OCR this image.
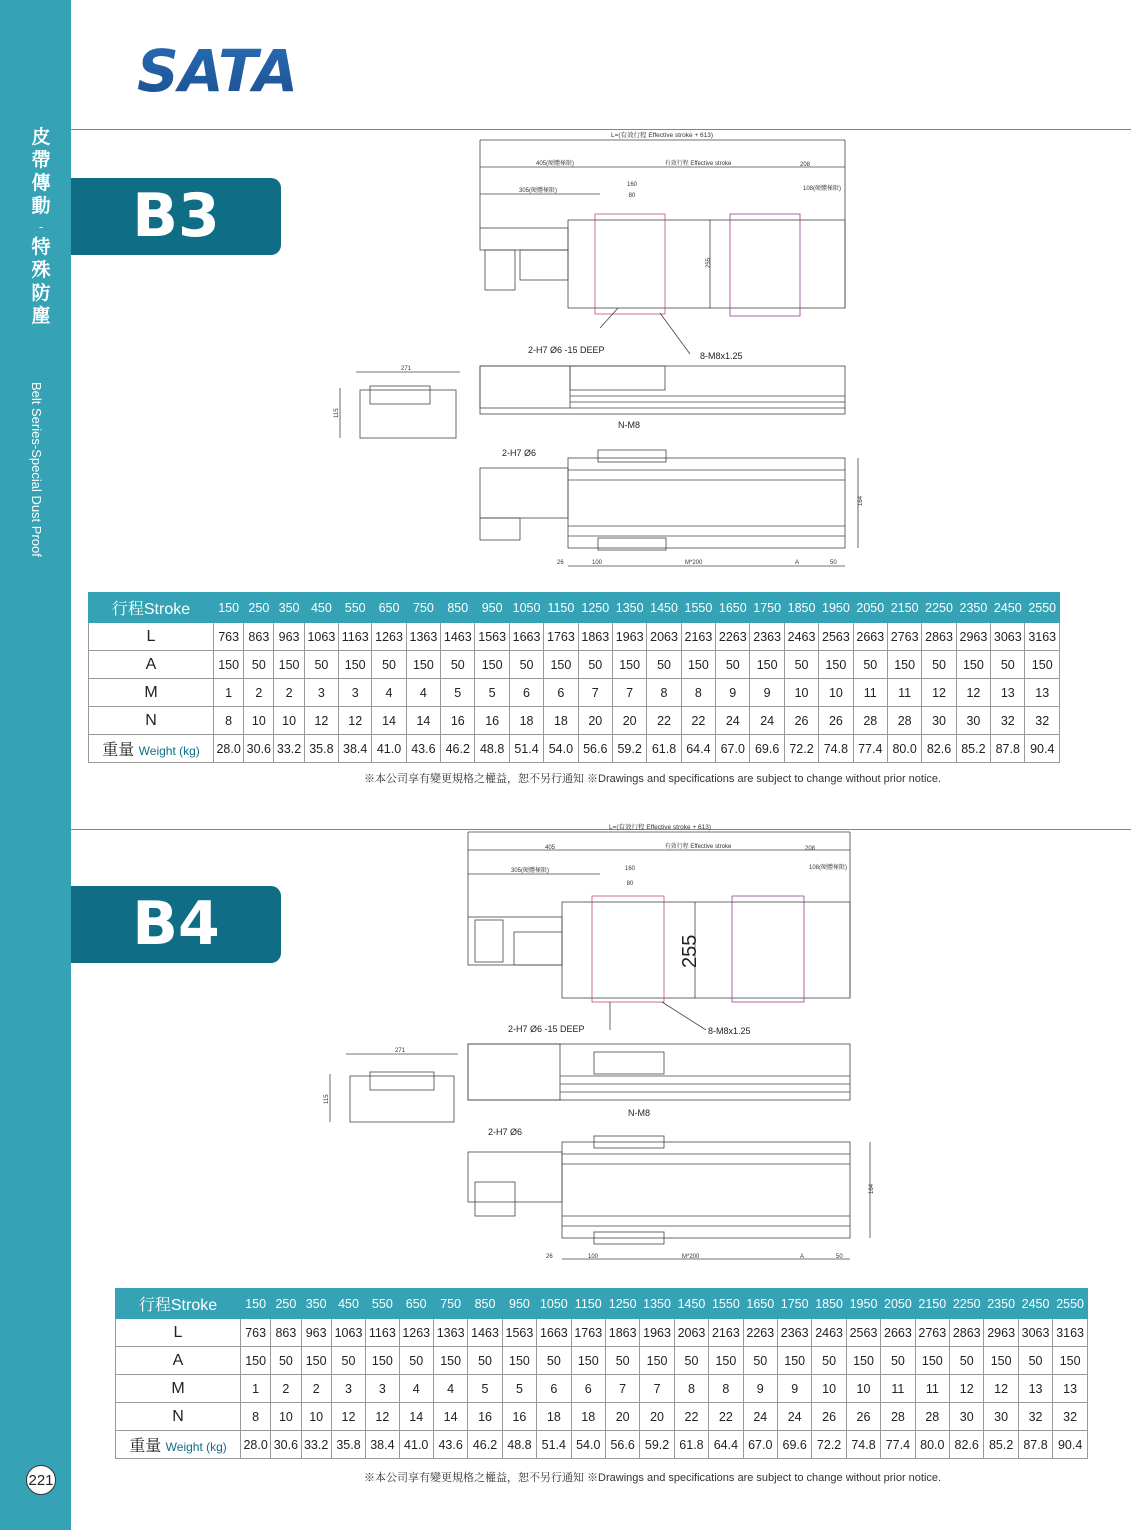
皮
帶
傳
動
-
特
殊
防
塵
Belt Series-Special Dust Proof
221
SATA
B3
L=(有效行程 Effective stroke + 613)
405(硬體極限)	有效行程 Effective stroke	208
305(硬體極限)	108(硬體極限)
160
80
255
2-H7 Ø6 -15 DEEP
8-M8x1.25
271
115
N-M8
2-H7 Ø6
164
26	100	M*200	A	50
行程Stroke	150	250	350	450	550	650	750	850	950	1050	1150	1250	1350	1450	1550	1650	1750	1850	1950	2050	2150	2250	2350	2450	2550
L	763	863	963	1063	1163	1263	1363	1463	1563	1663	1763	1863	1963	2063	2163	2263	2363	2463	2563	2663	2763	2863	2963	3063	3163
A	150	50	150	50	150	50	150	50	150	50	150	50	150	50	150	50	150	50	150	50	150	50	150	50	150
M	1	2	2	3	3	4	4	5	5	6	6	7	7	8	8	9	9	10	10	11	11	12	12	13	13
N	8	10	10	12	12	14	14	16	16	18	18	20	20	22	22	24	24	26	26	28	28	30	30	32	32
重量 Weight (kg)	28.0	30.6	33.2	35.8	38.4	41.0	43.6	46.2	48.8	51.4	54.0	56.6	59.2	61.8	64.4	67.0	69.6	72.2	74.8	77.4	80.0	82.6	85.2	87.8	90.4
※本公司享有變更規格之權益，恕不另行通知 ※Drawings and specifications are subject to change without prior notice.
B4
L=(有效行程 Effective stroke + 613)
405	有效行程 Effective stroke	208
305(硬體極限)	108(硬體極限)
160
80
255
2-H7 Ø6 -15 DEEP	8-M8x1.25
271
115
N-M8
2-H7 Ø6
164
26	100	M*200	A	50
行程Stroke	150	250	350	450	550	650	750	850	950	1050	1150	1250	1350	1450	1550	1650	1750	1850	1950	2050	2150	2250	2350	2450	2550
L	763	863	963	1063	1163	1263	1363	1463	1563	1663	1763	1863	1963	2063	2163	2263	2363	2463	2563	2663	2763	2863	2963	3063	3163
A	150	50	150	50	150	50	150	50	150	50	150	50	150	50	150	50	150	50	150	50	150	50	150	50	150
M	1	2	2	3	3	4	4	5	5	6	6	7	7	8	8	9	9	10	10	11	11	12	12	13	13
N	8	10	10	12	12	14	14	16	16	18	18	20	20	22	22	24	24	26	26	28	28	30	30	32	32
重量 Weight (kg)	28.0	30.6	33.2	35.8	38.4	41.0	43.6	46.2	48.8	51.4	54.0	56.6	59.2	61.8	64.4	67.0	69.6	72.2	74.8	77.4	80.0	82.6	85.2	87.8	90.4
※本公司享有變更規格之權益，恕不另行通知 ※Drawings and specifications are subject to change without prior notice.
